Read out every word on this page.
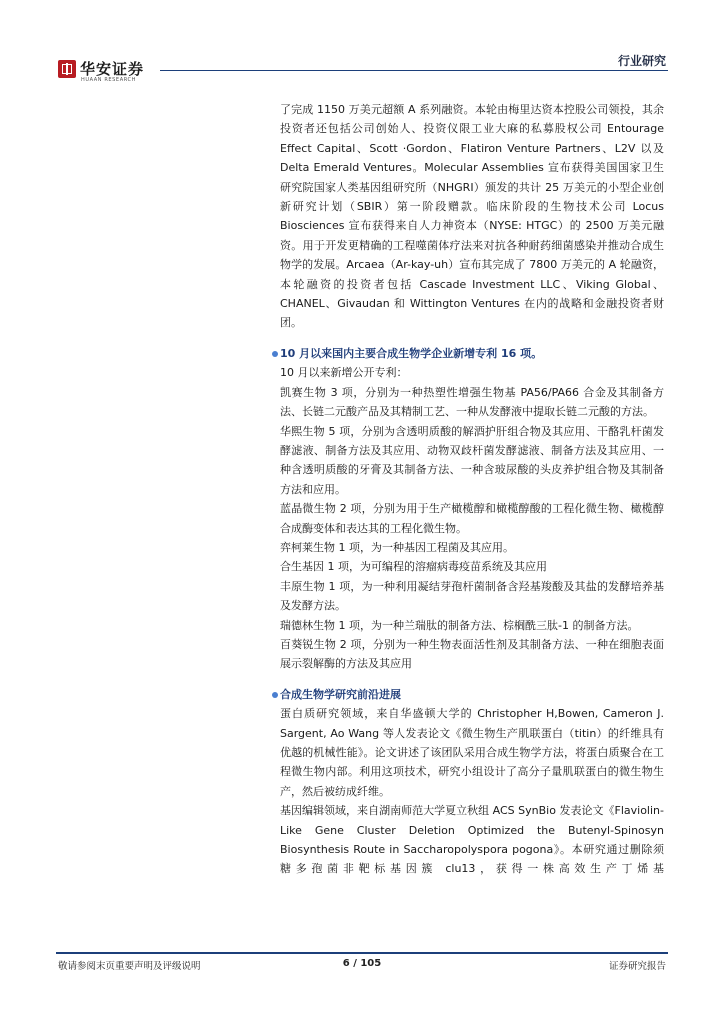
华安证券
HUAAN RESEARCH
行业研究

了完成 1150 万美元超额 A 系列融资。本轮由梅里达资本控股公司领投，其余投资者还包括公司创始人、投资仪限工业大麻的私募股权公司 Entourage Effect Capital、Scott ·Gordon、Flatiron Venture Partners、L2V 以及 Delta Emerald Ventures。Molecular Assemblies 宣布获得美国国家卫生研究院国家人类基因组研究所（NHGRI）颁发的共计 25 万美元的小型企业创新研究计划（SBIR）第一阶段赠款。临床阶段的生物技术公司 Locus Biosciences 宣布获得来自人力神资本（NYSE: HTGC）的 2500 万美元融资。用于开发更精确的工程噬菌体疗法来对抗各种耐药细菌感染并推动合成生物学的发展。Arcaea（Ar-kay-uh）宣布其完成了 7800 万美元的 A 轮融资，本轮融资的投资者包括 Cascade Investment LLC、Viking Global、CHANEL、Givaudan 和 Wittington Ventures 在内的战略和金融投资者财团。

10 月以来国内主要合成生物学企业新增专利 16 项。

10 月以来新增公开专利：

凯赛生物 3 项，分别为一种热塑性增强生物基 PA56/PA66 合金及其制备方法、长链二元酸产品及其精制工艺、一种从发酵液中提取长链二元酸的方法。

华熙生物 5 项，分别为含透明质酸的解酒护肝组合物及其应用、干酪乳杆菌发酵滤液、制备方法及其应用、动物双歧杆菌发酵滤液、制备方法及其应用、一种含透明质酸的牙膏及其制备方法、一种含玻尿酸的头皮养护组合物及其制备方法和应用。

蓝晶微生物 2 项，分别为用于生产橄榄醇和橄榄醇酸的工程化微生物、橄榄醇合成酶变体和表达其的工程化微生物。

弈柯莱生物 1 项，为一种基因工程菌及其应用。

合生基因 1 项，为可编程的溶瘤病毒疫苗系统及其应用

丰原生物 1 项，为一种利用凝结芽孢杆菌制备含羟基羧酸及其盐的发酵培养基及发酵方法。

瑞德林生物 1 项，为一种兰瑞肽的制备方法、棕榈酰三肽-1 的制备方法。

百葵锐生物 2 项，分别为一种生物表面活性剂及其制备方法、一种在细胞表面展示裂解酶的方法及其应用

合成生物学研究前沿进展

蛋白质研究领域，来自华盛顿大学的 Christopher H,Bowen, Cameron J. Sargent, Ao Wang 等人发表论文《微生物生产肌联蛋白（titin）的纤维具有优越的机械性能》。论文讲述了该团队采用合成生物学方法，将蛋白质聚合在工程微生物内部。利用这项技术，研究小组设计了高分子量肌联蛋白的微生物生产，然后被纺成纤维。

基因编辑领域，来自湖南师范大学夏立秋组 ACS SynBio 发表论文《Flaviolin-Like Gene Cluster Deletion Optimized the Butenyl-Spinosyn Biosynthesis Route in Saccharopolyspora pogona》。本研究通过删除须糖多孢菌非靶标基因簇 clu13，获得一株高效生产丁烯基

敬请参阅末页重要声明及评级说明	6 / 105	证券研究报告
